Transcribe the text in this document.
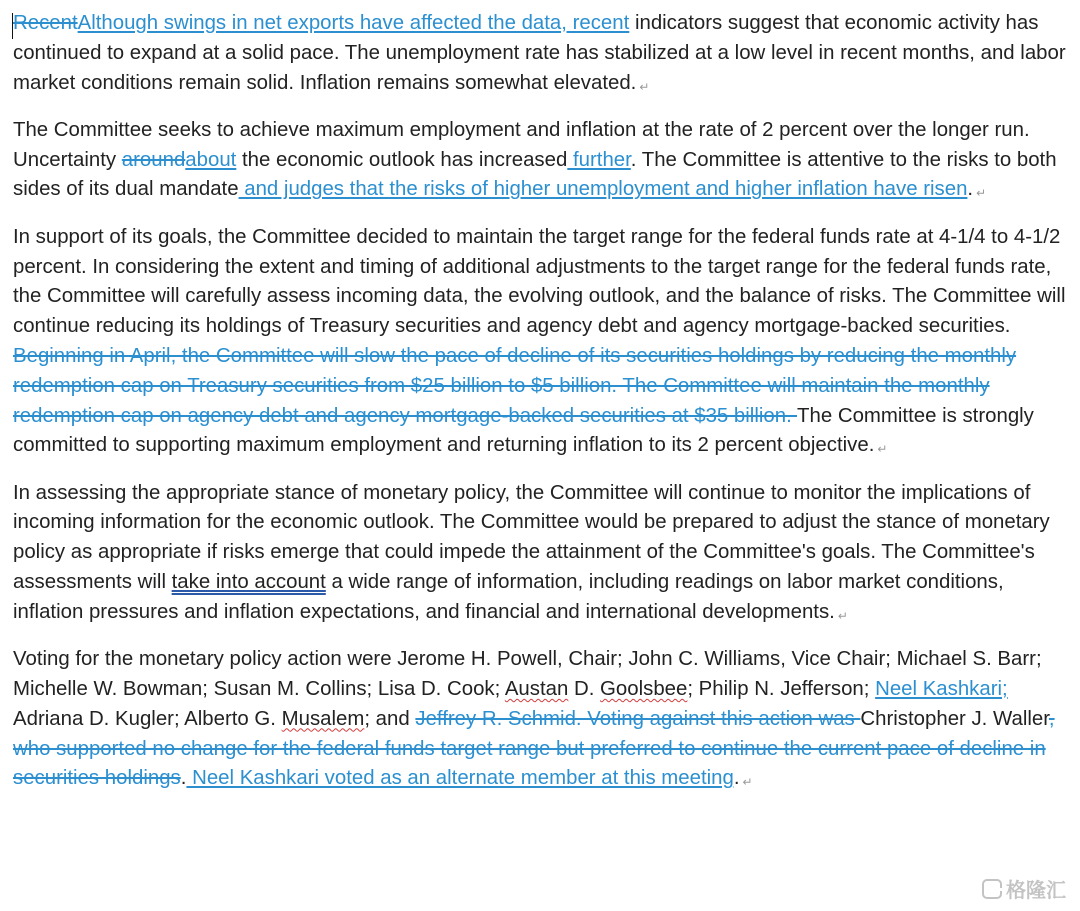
RecentAlthough swings in net exports have affected the data, recent indicators suggest that economic activity has continued to expand at a solid pace. The unemployment rate has stabilized at a low level in recent months, and labor market conditions remain solid. Inflation remains somewhat elevated. ↵

The Committee seeks to achieve maximum employment and inflation at the rate of 2 percent over the longer run. Uncertainty aroundabout the economic outlook has increased further. The Committee is attentive to the risks to both sides of its dual mandate and judges that the risks of higher unemployment and higher inflation have risen. ↵

In support of its goals, the Committee decided to maintain the target range for the federal funds rate at 4-1/4 to 4-1/2 percent. In considering the extent and timing of additional adjustments to the target range for the federal funds rate, the Committee will carefully assess incoming data, the evolving outlook, and the balance of risks. The Committee will continue reducing its holdings of Treasury securities and agency debt and agency mortgage-backed securities. Beginning in April, the Committee will slow the pace of decline of its securities holdings by reducing the monthly redemption cap on Treasury securities from $25 billion to $5 billion. The Committee will maintain the monthly redemption cap on agency debt and agency mortgage-backed securities at $35 billion. The Committee is strongly committed to supporting maximum employment and returning inflation to its 2 percent objective. ↵

In assessing the appropriate stance of monetary policy, the Committee will continue to monitor the implications of incoming information for the economic outlook. The Committee would be prepared to adjust the stance of monetary policy as appropriate if risks emerge that could impede the attainment of the Committee's goals. The Committee's assessments will take into account a wide range of information, including readings on labor market conditions, inflation pressures and inflation expectations, and financial and international developments. ↵

Voting for the monetary policy action were Jerome H. Powell, Chair; John C. Williams, Vice Chair; Michael S. Barr; Michelle W. Bowman; Susan M. Collins; Lisa D. Cook; Austan D. Goolsbee; Philip N. Jefferson; Neel Kashkari; Adriana D. Kugler; Alberto G. Musalem; and Jeffrey R. Schmid. Voting against this action was Christopher J. Waller, who supported no change for the federal funds target range but preferred to continue the current pace of decline in securities holdings. Neel Kashkari voted as an alternate member at this meeting. ↵

格隆汇
